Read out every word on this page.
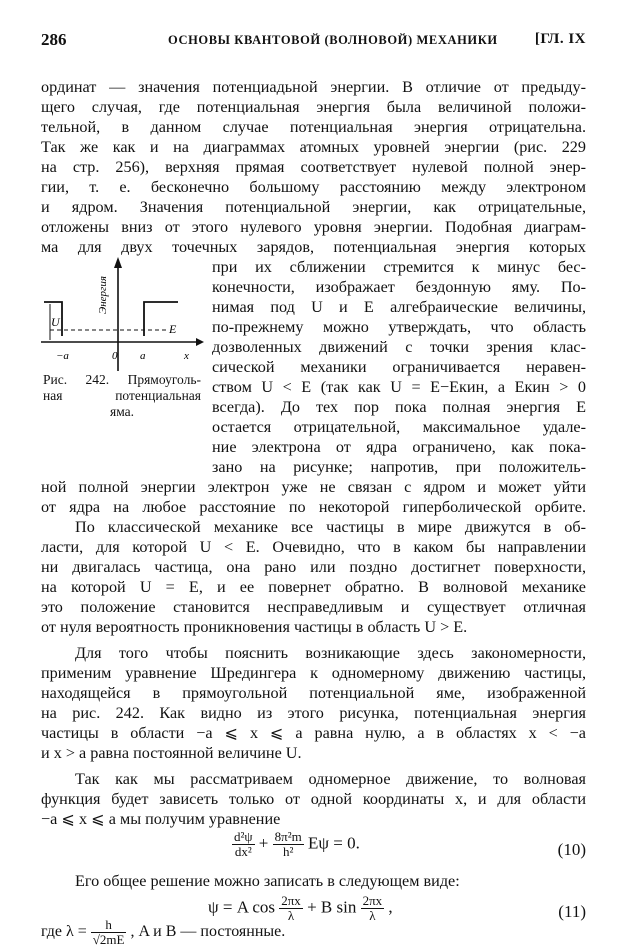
286	ОСНОВЫ КВАНТОВОЙ (ВОЛНОВОЙ) МЕХАНИКИ [ГЛ. IX
ординат — значения потенциадьной энергии. В отличие от предыду-
щего случая, где потенциальная энергия была величиной положи-
тельной, в данном случае потенциальная энергия отрицательна.
Так же как и на диаграммах атомных уровней энергии (рис. 229
на стр. 256), верхняя прямая соответствует нулевой полной энер-
гии, т. е. бесконечно большому расстоянию между электроном
и ядром. Значения потенциальной энергии, как отрицательные,
отложены вниз от этого нулевого уровня энергии. Подобная диаграм-
ма для двух точечных зарядов, потенциальная энергия которых
при их сближении стремится к минус бес-
конечности, изображает бездонную яму. По-
нимая под U и E алгебраические величины,
по-прежнему можно утверждать, что область
дозволенных движений с точки зрения клас-
сической механики ограничивается неравен-
ством U < E (так как U = E−Eкин, а Eкин > 0
всегда). До тех пор пока полная энергия E
остается отрицательной, максимальное удале-
ние электрона от ядра ограничено, как пока-
зано на рисунке; напротив, при положитель-
Энергия
U	E
−a	0 a	x
Рис. 242. Прямоуголь-
ная потенциальная
яма.
ной полной энергии электрон уже не связан с ядром и может уйти
от ядра на любое расстояние по некоторой гиперболической орбите.
По классической механике все частицы в мире движутся в об-
ласти, для которой U < E. Очевидно, что в каком бы направлении
ни двигалась частица, она рано или поздно достигнет поверхности,
на которой U = E, и ее повернет обратно. В волновой механике
это положение становится несправедливым и существует отличная
от нуля вероятность проникновения частицы в область U > E.
Для того чтобы пояснить возникающие здесь закономерности,
применим уравнение Шредингера к одномерному движению частицы,
находящейся в прямоугольной потенциальной яме, изображенной
на рис. 242. Как видно из этого рисунка, потенциальная энергия
частицы в области −a ⩽ x ⩽ a равна нулю, а в областях x < −a
и x > a равна постоянной величине U.
Так как мы рассматриваем одномерное движение, то волновая
функция будет зависеть только от одной координаты x, и для области
−a ⩽ x ⩽ a мы получим уравнение
$\frac{\text{d²ψ}}{\text{dx²}} + \frac{\text{8π²m}}{\text{h²}}$ Eψ = 0.	(10)
Его общее решение можно записать в следующем виде:
ψ = A $\cos \frac{2\pi x}{\lambda} + B$ $\sin \frac{2\pi x}{\lambda}$ ,	(11)
где $\lambda = \frac{h}{√2mE}$ , A и B — постоянные.
